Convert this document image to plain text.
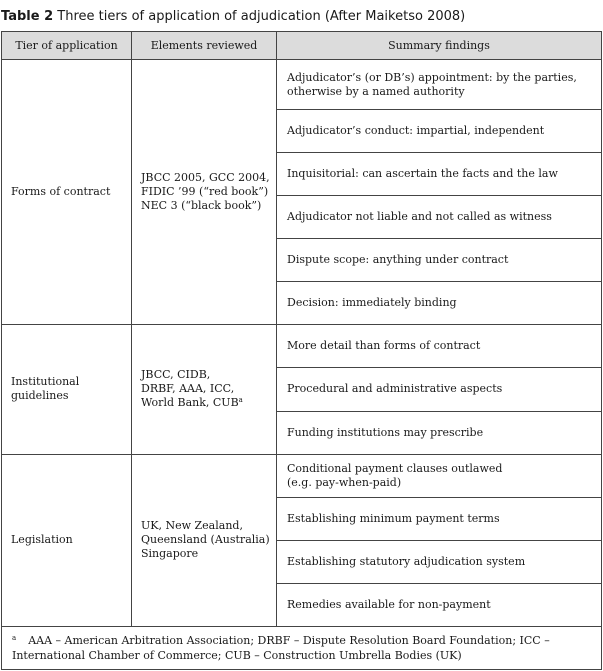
Table 2 Three tiers of application of adjudication (After Maiketso 2008)
Tier of application	Elements reviewed	Summary findings

Forms of contract	JBCC 2005, GCC 2004,
FIDIC ’99 (“red book”)
NEC 3 (“black book”)	Adjudicator’s (or DB’s) appointment: by the parties,
otherwise by a named authority

		Adjudicator’s conduct: impartial, independent

		Inquisitorial: can ascertain the facts and the law

		Adjudicator not liable and not called as witness

		Dispute scope: anything under contract

		Decision: immediately binding

Institutional
guidelines	JBCC, CIDB,
DRBF, AAA, ICC,
World Bank, CUB$^a$	More detail than forms of contract

		Procedural and administrative aspects

		Funding institutions may prescribe

Legislation	UK, New Zealand,
Queensland (Australia)
Singapore	Conditional payment clauses outlawed
(e.g. pay-when-paid)

		Establishing minimum payment terms

		Establishing statutory adjudication system

		Remedies available for non-payment

$^a$ AAA – American Arbitration Association; DRBF – Dispute Resolution Board Foundation; ICC –
International Chamber of Commerce; CUB – Construction Umbrella Bodies (UK)		
